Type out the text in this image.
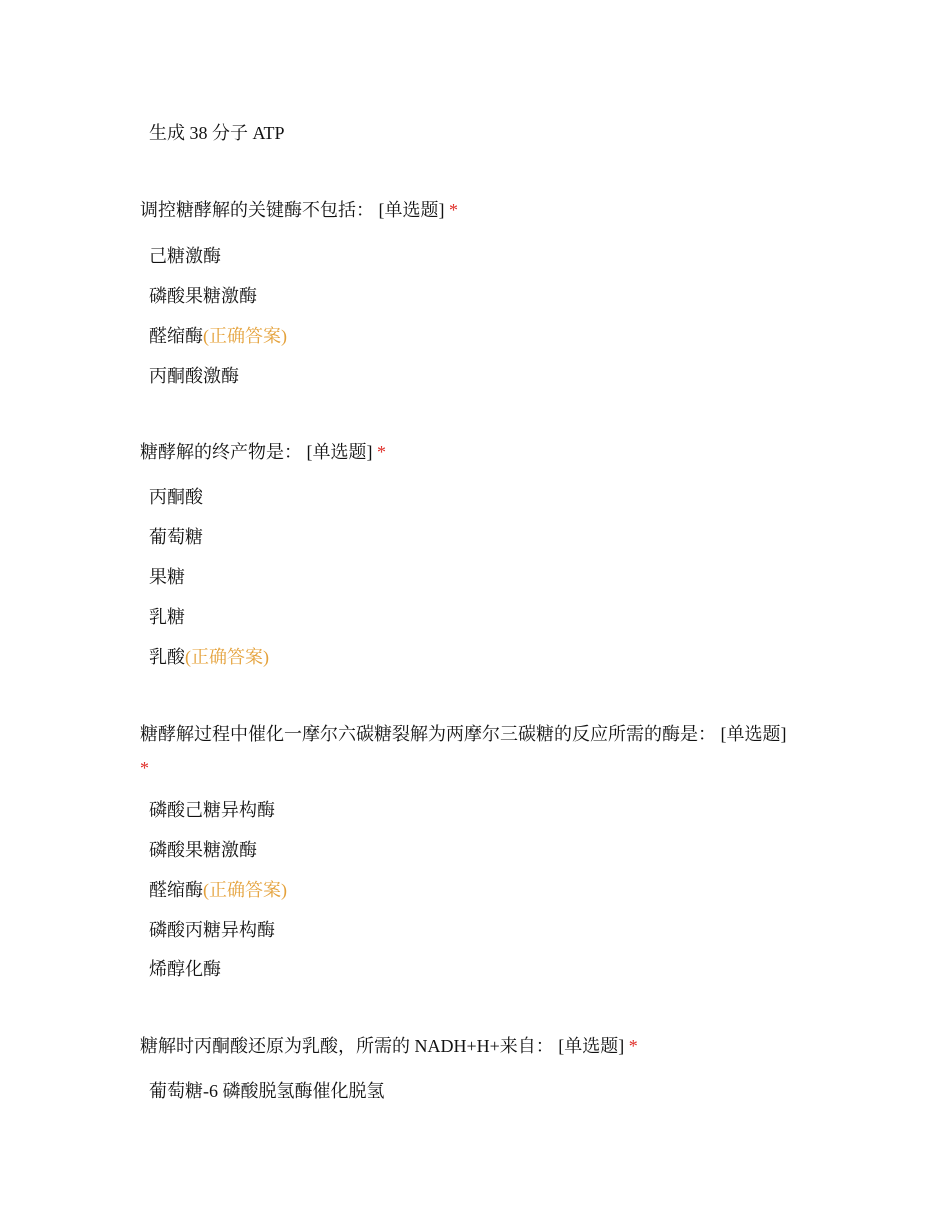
生成 38 分子 ATP
调控糖酵解的关键酶不包括： [单选题] *
己糖激酶
磷酸果糖激酶
醛缩酶(正确答案)
丙酮酸激酶
糖酵解的终产物是： [单选题] *
丙酮酸
葡萄糖
果糖
乳糖
乳酸(正确答案)
糖酵解过程中催化一摩尔六碳糖裂解为两摩尔三碳糖的反应所需的酶是： [单选题]
*
磷酸己糖异构酶
磷酸果糖激酶
醛缩酶(正确答案)
磷酸丙糖异构酶
烯醇化酶
糖解时丙酮酸还原为乳酸，所需的 NADH+H+来自： [单选题] *
葡萄糖-6 磷酸脱氢酶催化脱氢
